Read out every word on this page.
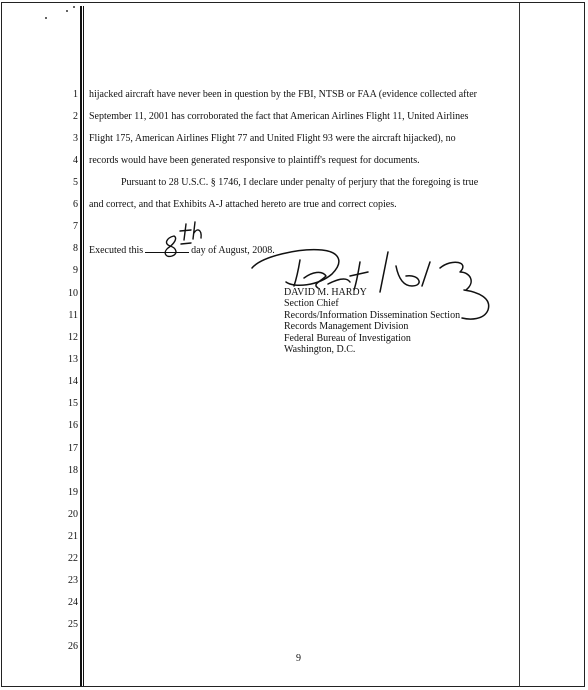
1
2
3
4
5
6
7
8
9
10
11
12
13
14
15
16
17
18
19
20
21
22
23
24
25
26
hijacked aircraft have never been in question by the FBI, NTSB or FAA (evidence collected after
September 11, 2001 has corroborated the fact that American Airlines Flight 11, United Airlines
Flight 175, American Airlines Flight 77 and United Flight 93 were the aircraft hijacked), no
records would have been generated responsive to plaintiff's request for documents.
Pursuant to 28 U.S.C. § 1746, I declare under penalty of perjury that the foregoing is true
and correct, and that Exhibits A-J attached hereto are true and correct copies.
Executed this	day of August, 2008.
DAVID M. HARDY
Section Chief
Records/Information Dissemination Section
Records Management Division
Federal Bureau of Investigation
Washington, D.C.
9
